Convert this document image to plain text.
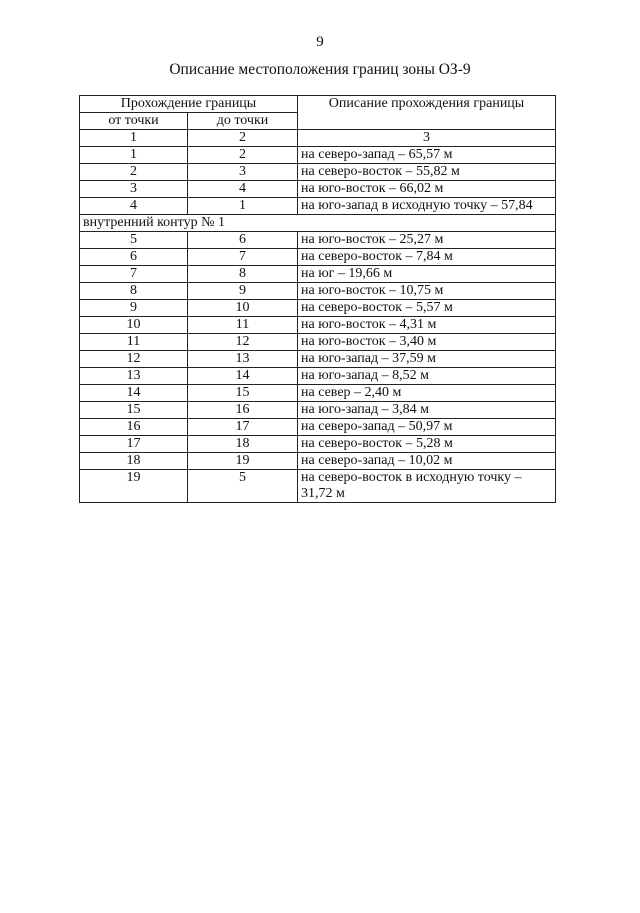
9
Описание местоположения границ зоны ОЗ-9
Прохождение границы		Описание прохождения границы
от точки	до точки	
1	2	3
1	2	на северо-запад – 65,57 м
2	3	на северо-восток – 55,82 м
3	4	на юго-восток – 66,02 м
4	1	на юго-запад в исходную точку – 57,84
внутренний контур № 1		
5	6	на юго-восток – 25,27 м
6	7	на северо-восток – 7,84 м
7	8	на юг – 19,66 м
8	9	на юго-восток – 10,75 м
9	10	на северо-восток – 5,57 м
10	11	на юго-восток – 4,31 м
11	12	на юго-восток – 3,40 м
12	13	на юго-запад – 37,59 м
13	14	на юго-запад – 8,52 м
14	15	на север – 2,40 м
15	16	на юго-запад – 3,84 м
16	17	на северо-запад – 50,97 м
17	18	на северо-восток – 5,28 м
18	19	на северо-запад – 10,02 м
19	5	на северо-восток в исходную точку – 31,72 м
